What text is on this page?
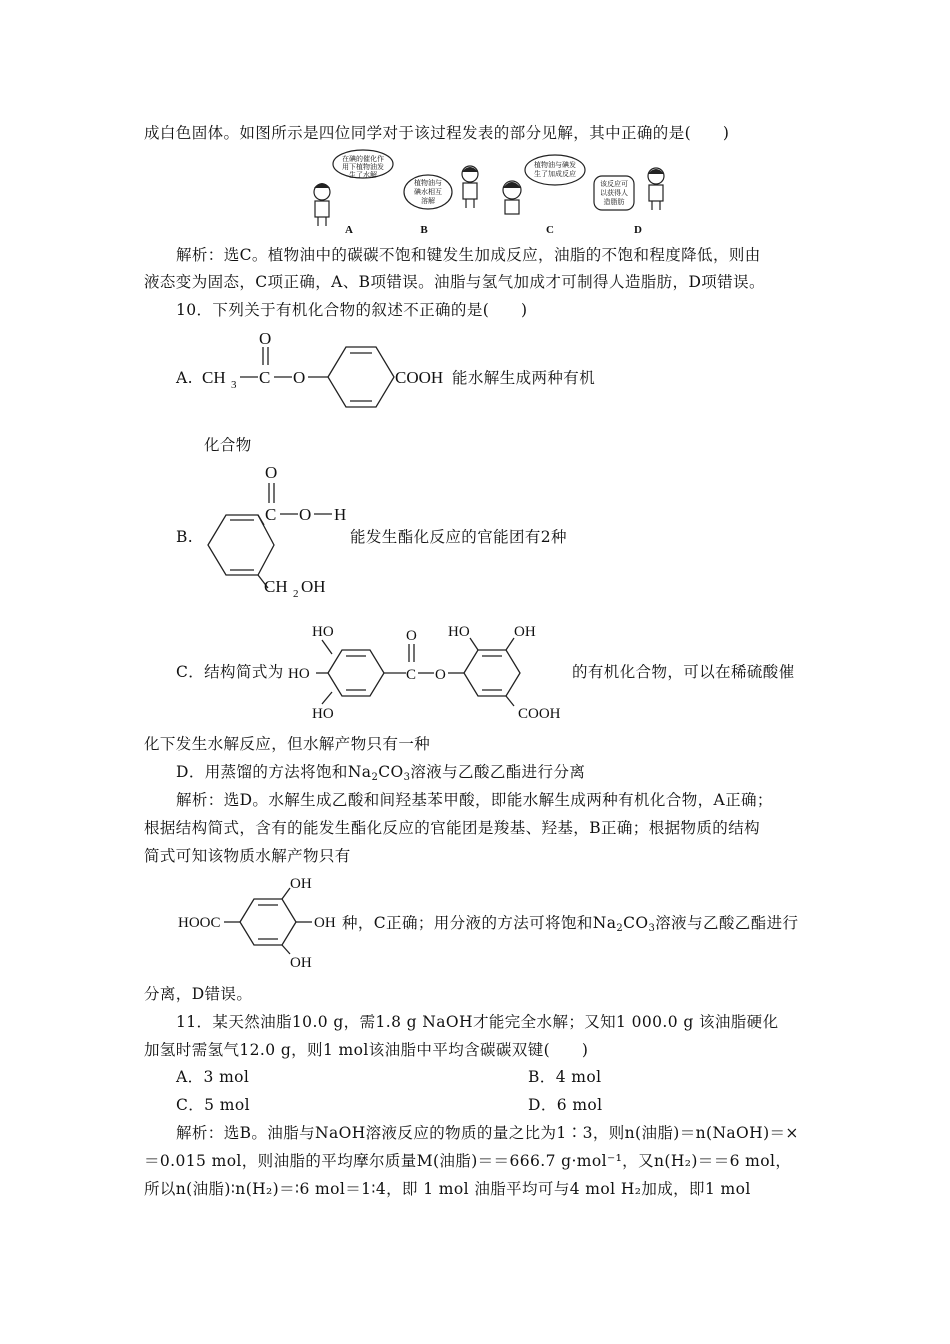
成白色固体。如图所示是四位同学对于该过程发表的部分见解，其中正确的是(　　)
在碘的催化作
用下植物油发
生了水解
植物油与
碘水相互
溶解
植物油与碘发
生了加成反应
该反应可
以获得人
造脂肪
A	B	C	D
解析：选C。植物油中的碳碳不饱和键发生加成反应，油脂的不饱和程度降低，则由
液态变为固态，C项正确，A、B项错误。油脂与氢气加成才可制得人造脂肪，D项错误。
10．下列关于有机化合物的叙述不正确的是(　　)
A. CH 3 C
O
O	COOH 能水解生成两种有机
化合物
B.
O
C O H
CH 2 OH
能发生酯化反应的官能团有2种
C．结构简式为
HO
HO
HO
C
O
O
HO	OH
COOH
的有机化合物，可以在稀硫酸催
化下发生水解反应，但水解产物只有一种
D．用蒸馏的方法将饱和$Na_2CO_3$溶液与乙酸乙酯进行分离
解析：选D。水解生成乙酸和间羟基苯甲酸，即能水解生成两种有机化合物，A正确；
根据结构简式，含有的能发生酯化反应的官能团是羧基、羟基，B正确；根据物质的结构
简式可知该物质水解产物只有
HOOC
OH
OH
OH
种，C正确；用分液的方法可将饱和$Na_2CO_3$溶液与乙酸乙酯进行
分离，D错误。
11．某天然油脂10.0 g，需1.8 g NaOH才能完全水解；又知1 000.0 g 该油脂硬化
加氢时需氢气12.0 g，则1 mol该油脂中平均含碳碳双键(　　)
A．3 mol	B．4 mol
C．5 mol	D．6 mol
解析：选B。油脂与NaOH溶液反应的物质的量之比为1∶3，则n(油脂)＝n(NaOH)＝×
＝0.015 mol，则油脂的平均摩尔质量M(油脂)＝＝666.7 g·mol⁻¹，又n(H₂)＝＝6 mol，
所以n(油脂)∶n(H₂)＝∶6 mol＝1∶4，即 1 mol 油脂平均可与4 mol H₂加成，即1 mol
